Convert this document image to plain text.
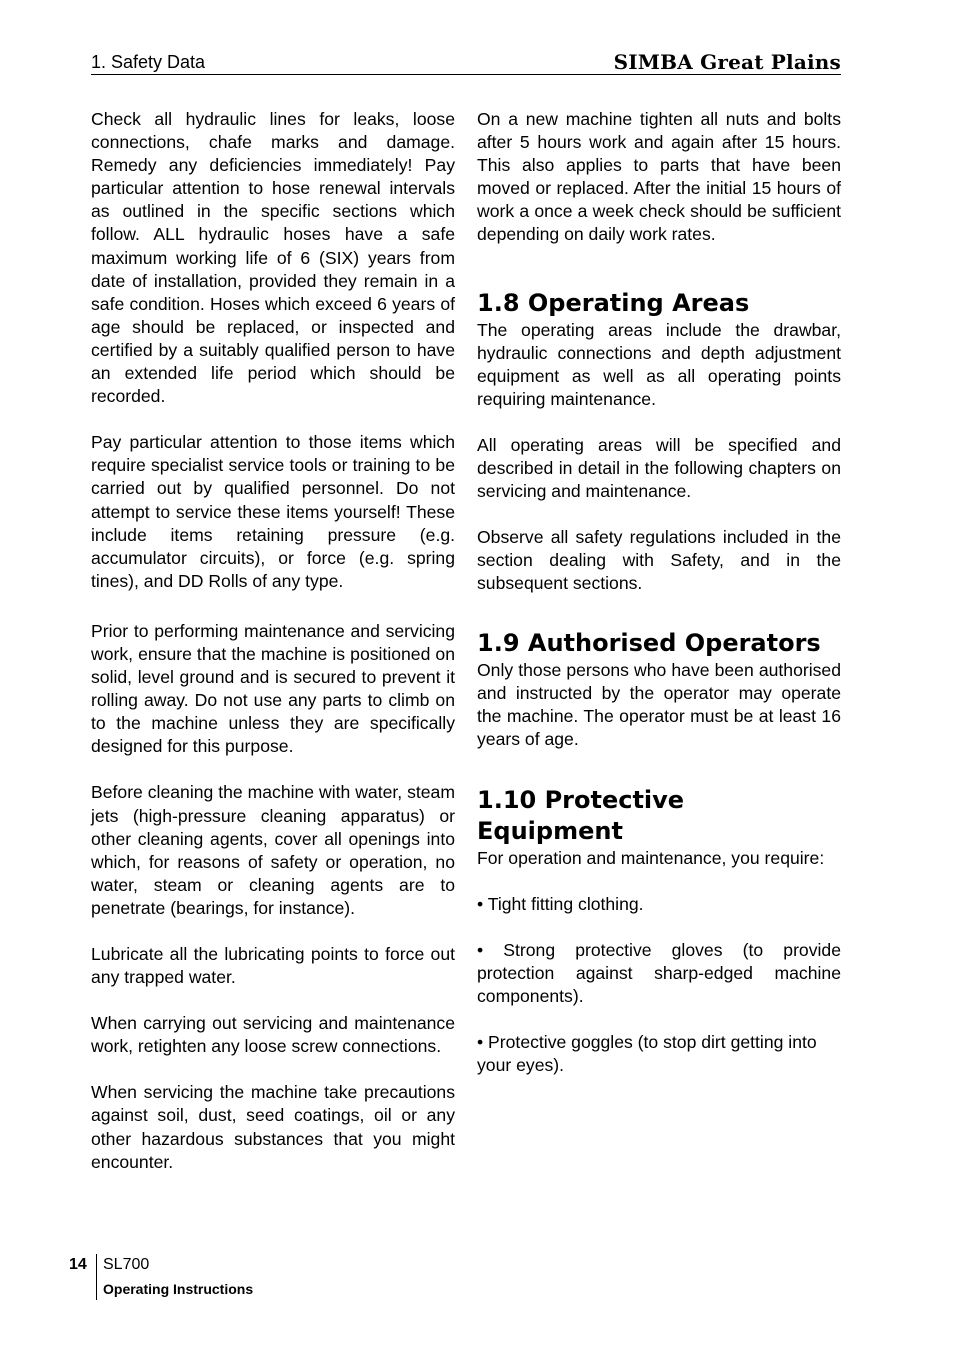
1. Safety Data	SIMBA Great Plains

Check all hydraulic lines for leaks, loose connections, chafe marks and damage. Remedy any deficiencies immediately! Pay particular attention to hose renewal intervals as outlined in the specific sections which follow. ALL hydraulic hoses have a safe maximum working life of 6 (SIX) years from date of installation, provided they remain in a safe condition. Hoses which exceed 6 years of age should be replaced, or inspected and certified by a suitably qualified person to have an extended life period which should be recorded.

Pay particular attention to those items which require specialist service tools or training to be carried out by qualified personnel. Do not attempt to service these items yourself! These include items retaining pressure (e.g. accumulator circuits), or force (e.g. spring tines), and DD Rolls of any type.

Prior to performing maintenance and servicing work, ensure that the machine is positioned on solid, level ground and is secured to prevent it rolling away. Do not use any parts to climb on to the machine unless they are specifically designed for this purpose.

Before cleaning the machine with water, steam jets (high-pressure cleaning apparatus) or other cleaning agents, cover all openings into which, for reasons of safety or operation, no water, steam or cleaning agents are to penetrate (bearings, for instance).

Lubricate all the lubricating points to force out any trapped water.

When carrying out servicing and maintenance work, retighten any loose screw connections.

When servicing the machine take precautions against soil, dust, seed coatings, oil or any other hazardous substances that you might encounter.

On a new machine tighten all nuts and bolts after 5 hours work and again after 15 hours. This also applies to parts that have been moved or replaced. After the initial 15 hours of work a once a week check should be sufficient depending on daily work rates.

1.8 Operating Areas

The operating areas include the drawbar, hydraulic connections and depth adjustment equipment as well as all operating points requiring maintenance.

All operating areas will be specified and described in detail in the following chapters on servicing and maintenance.

Observe all safety regulations included in the section dealing with Safety, and in the subsequent sections.

1.9 Authorised Operators

Only those persons who have been authorised and instructed by the operator may operate the machine. The operator must be at least 16 years of age.

1.10 Protective Equipment

For operation and maintenance, you require:

• Tight fitting clothing.

• Strong protective gloves (to provide protection against sharp-edged machine components).

• Protective goggles (to stop dirt getting into your eyes).

14 SL700
Operating Instructions
